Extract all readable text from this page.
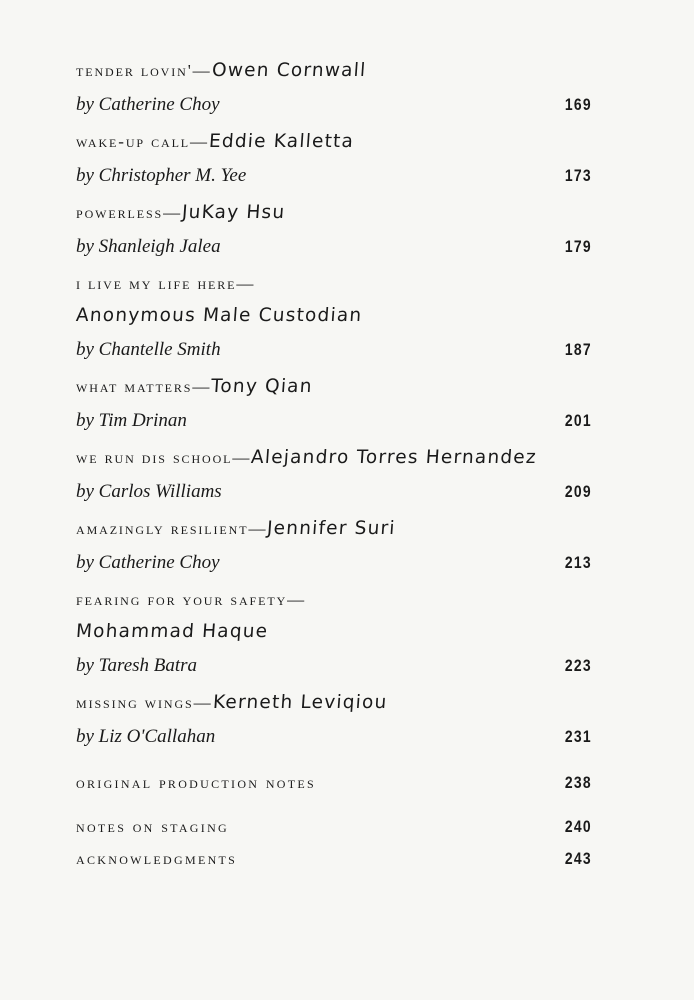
tender lovin'—Owen Cornwall
by Catherine Choy	169
wake-up call—Eddie Kalletta
by Christopher M. Yee	173
powerless—JuKay Hsu
by Shanleigh Jalea	179
i live my life here—
Anonymous Male Custodian
by Chantelle Smith	187
what matters—Tony Qian
by Tim Drinan	201
we run dis school—Alejandro Torres Hernandez
by Carlos Williams	209
amazingly resilient—Jennifer Suri
by Catherine Choy	213
fearing for your safety—
Mohammad Haque
by Taresh Batra	223
missing wings—Kerneth Leviqiou
by Liz O'Callahan	231
original production notes	238
notes on staging	240
acknowledgments	243
